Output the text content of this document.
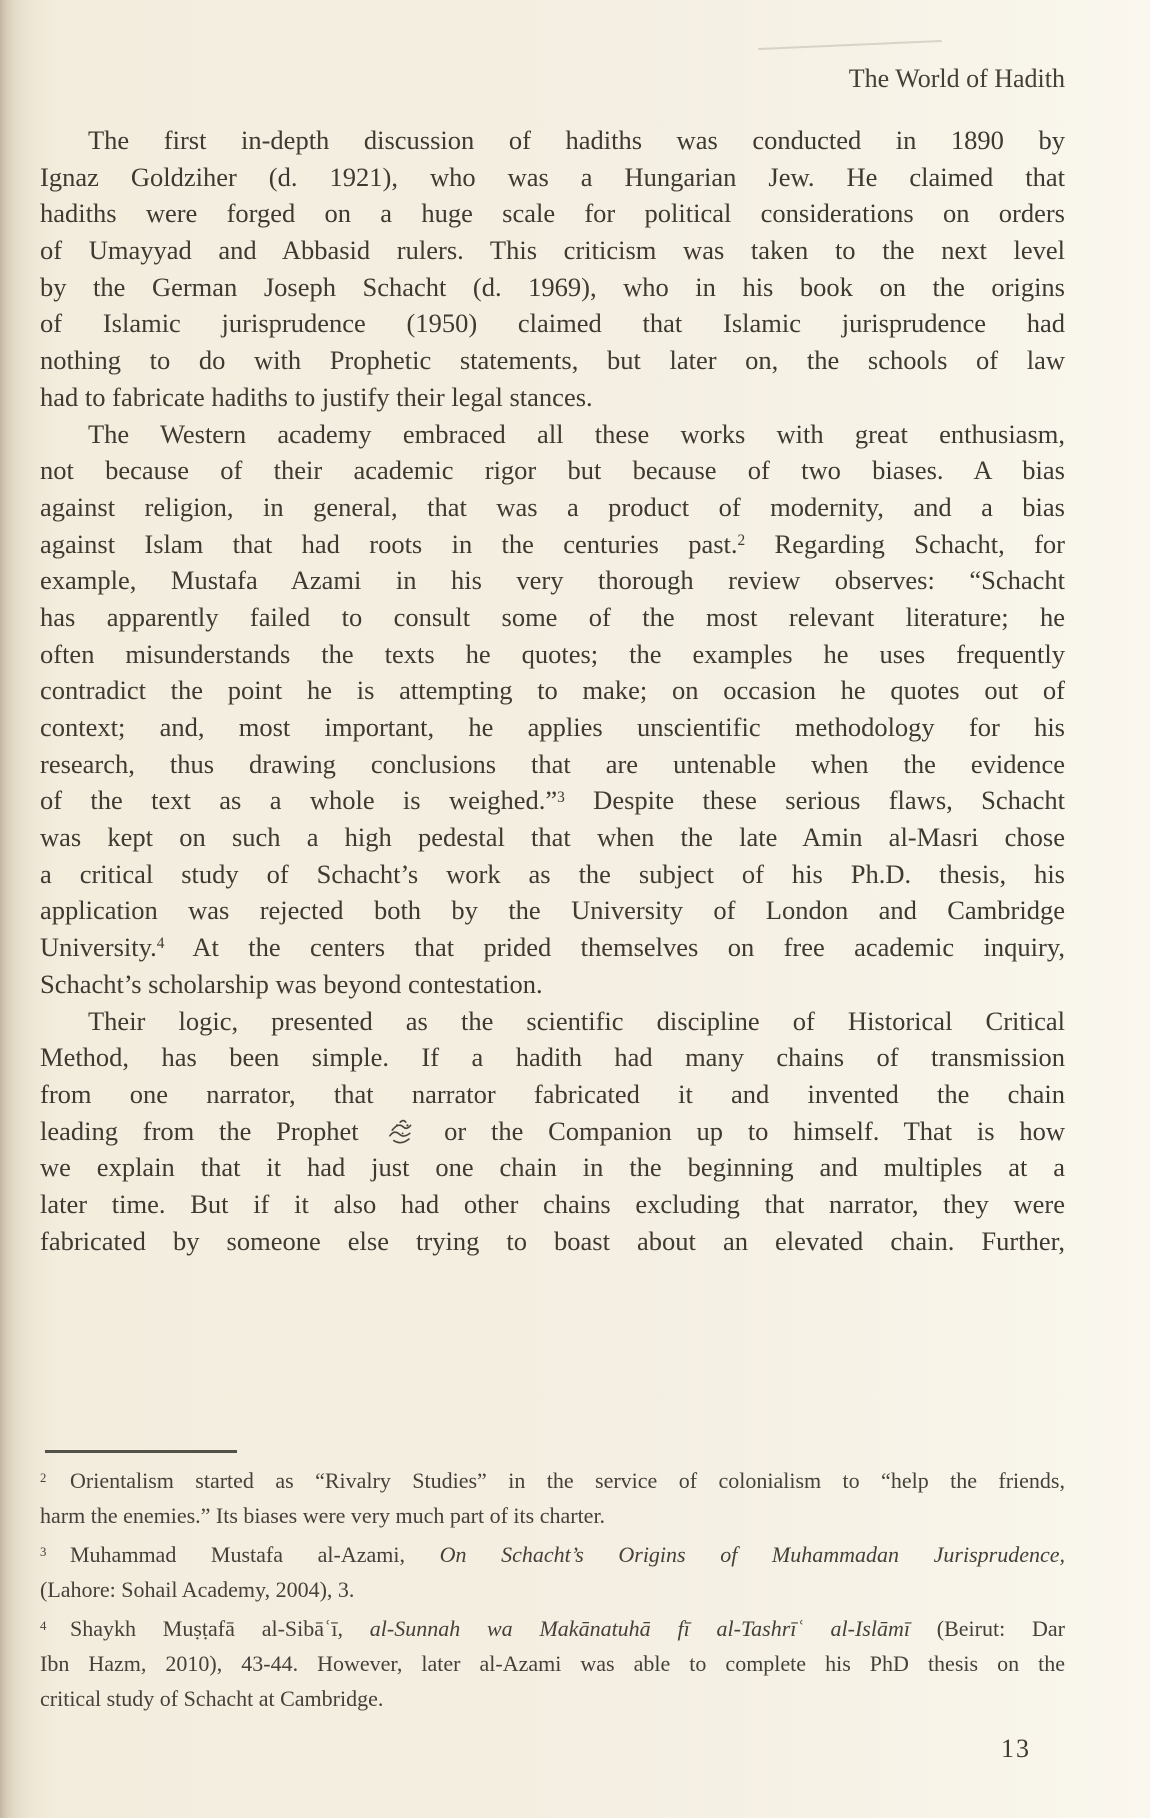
The World of Hadith
The first in-depth discussion of hadiths was conducted in 1890 by
Ignaz Goldziher (d. 1921), who was a Hungarian Jew. He claimed that
hadiths were forged on a huge scale for political considerations on orders
of Umayyad and Abbasid rulers. This criticism was taken to the next level
by the German Joseph Schacht (d. 1969), who in his book on the origins
of Islamic jurisprudence (1950) claimed that Islamic jurisprudence had
nothing to do with Prophetic statements, but later on, the schools of law
had to fabricate hadiths to justify their legal stances.
The Western academy embraced all these works with great enthusiasm,
not because of their academic rigor but because of two biases. A bias
against religion, in general, that was a product of modernity, and a bias
against Islam that had roots in the centuries past.$^2$ Regarding Schacht, for
example, Mustafa Azami in his very thorough review observes: “Schacht
has apparently failed to consult some of the most relevant literature; he
often misunderstands the texts he quotes; the examples he uses frequently
contradict the point he is attempting to make; on occasion he quotes out of
context; and, most important, he applies unscientific methodology for his
research, thus drawing conclusions that are untenable when the evidence
of the text as a whole is weighed.”$^3$ Despite these serious flaws, Schacht
was kept on such a high pedestal that when the late Amin al-Masri chose
a critical study of Schacht’s work as the subject of his Ph.D. thesis, his
application was rejected both by the University of London and Cambridge
University.$^4$ At the centers that prided themselves on free academic inquiry,
Schacht’s scholarship was beyond contestation.
Their logic, presented as the scientific discipline of Historical Critical
Method, has been simple. If a hadith had many chains of transmission
from one narrator, that narrator fabricated it and invented the chain
leading from the Prophet  or the Companion up to himself. That is how
we explain that it had just one chain in the beginning and multiples at a
later time. But if it also had other chains excluding that narrator, they were
fabricated by someone else trying to boast about an elevated chain. Further,
2 Orientalism started as “Rivalry Studies” in the service of colonialism to “help the friends,
harm the enemies.” Its biases were very much part of its charter.
3 Muhammad Mustafa al-Azami, On Schacht’s Origins of Muhammadan Jurisprudence,
(Lahore: Sohail Academy, 2004), 3.
4 Shaykh Muṣṭafā al-Sibāʿī, al-Sunnah wa Makānatuhā fī al-Tashrīʿ al-Islāmī (Beirut: Dar
Ibn Hazm, 2010), 43-44. However, later al-Azami was able to complete his PhD thesis on the
critical study of Schacht at Cambridge.
13
